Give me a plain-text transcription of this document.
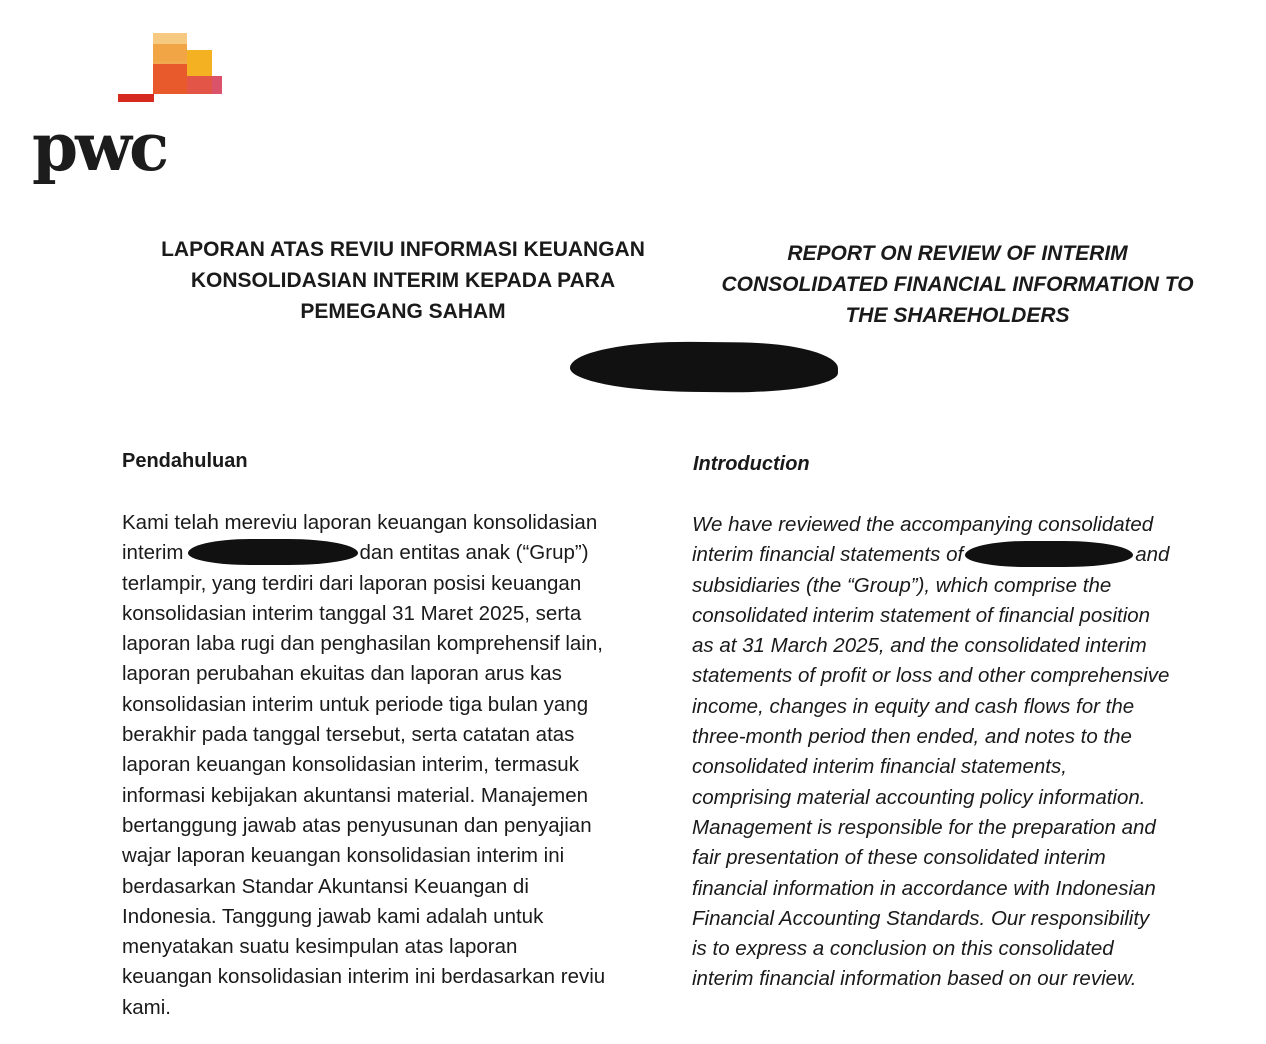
pwc
LAPORAN ATAS REVIU INFORMASI KEUANGAN
KONSOLIDASIAN INTERIM KEPADA PARA
PEMEGANG SAHAM
REPORT ON REVIEW OF INTERIM
CONSOLIDATED FINANCIAL INFORMATION TO
THE SHAREHOLDERS
Pendahuluan	Introduction
Kami telah mereviu laporan keuangan konsolidasian
interim	dan entitas anak (“Grup”)
terlampir, yang terdiri dari laporan posisi keuangan
konsolidasian interim tanggal 31 Maret 2025, serta
laporan laba rugi dan penghasilan komprehensif lain,
laporan perubahan ekuitas dan laporan arus kas
konsolidasian interim untuk periode tiga bulan yang
berakhir pada tanggal tersebut, serta catatan atas
laporan keuangan konsolidasian interim, termasuk
informasi kebijakan akuntansi material. Manajemen
bertanggung jawab atas penyusunan dan penyajian
wajar laporan keuangan konsolidasian interim ini
berdasarkan Standar Akuntansi Keuangan di
Indonesia. Tanggung jawab kami adalah untuk
menyatakan suatu kesimpulan atas laporan
keuangan konsolidasian interim ini berdasarkan reviu
kami.
We have reviewed the accompanying consolidated
interim financial statements of	and
subsidiaries (the “Group”), which comprise the
consolidated interim statement of financial position
as at 31 March 2025, and the consolidated interim
statements of profit or loss and other comprehensive
income, changes in equity and cash flows for the
three-month period then ended, and notes to the
consolidated interim financial statements,
comprising material accounting policy information.
Management is responsible for the preparation and
fair presentation of these consolidated interim
financial information in accordance with Indonesian
Financial Accounting Standards. Our responsibility
is to express a conclusion on this consolidated
interim financial information based on our review.
